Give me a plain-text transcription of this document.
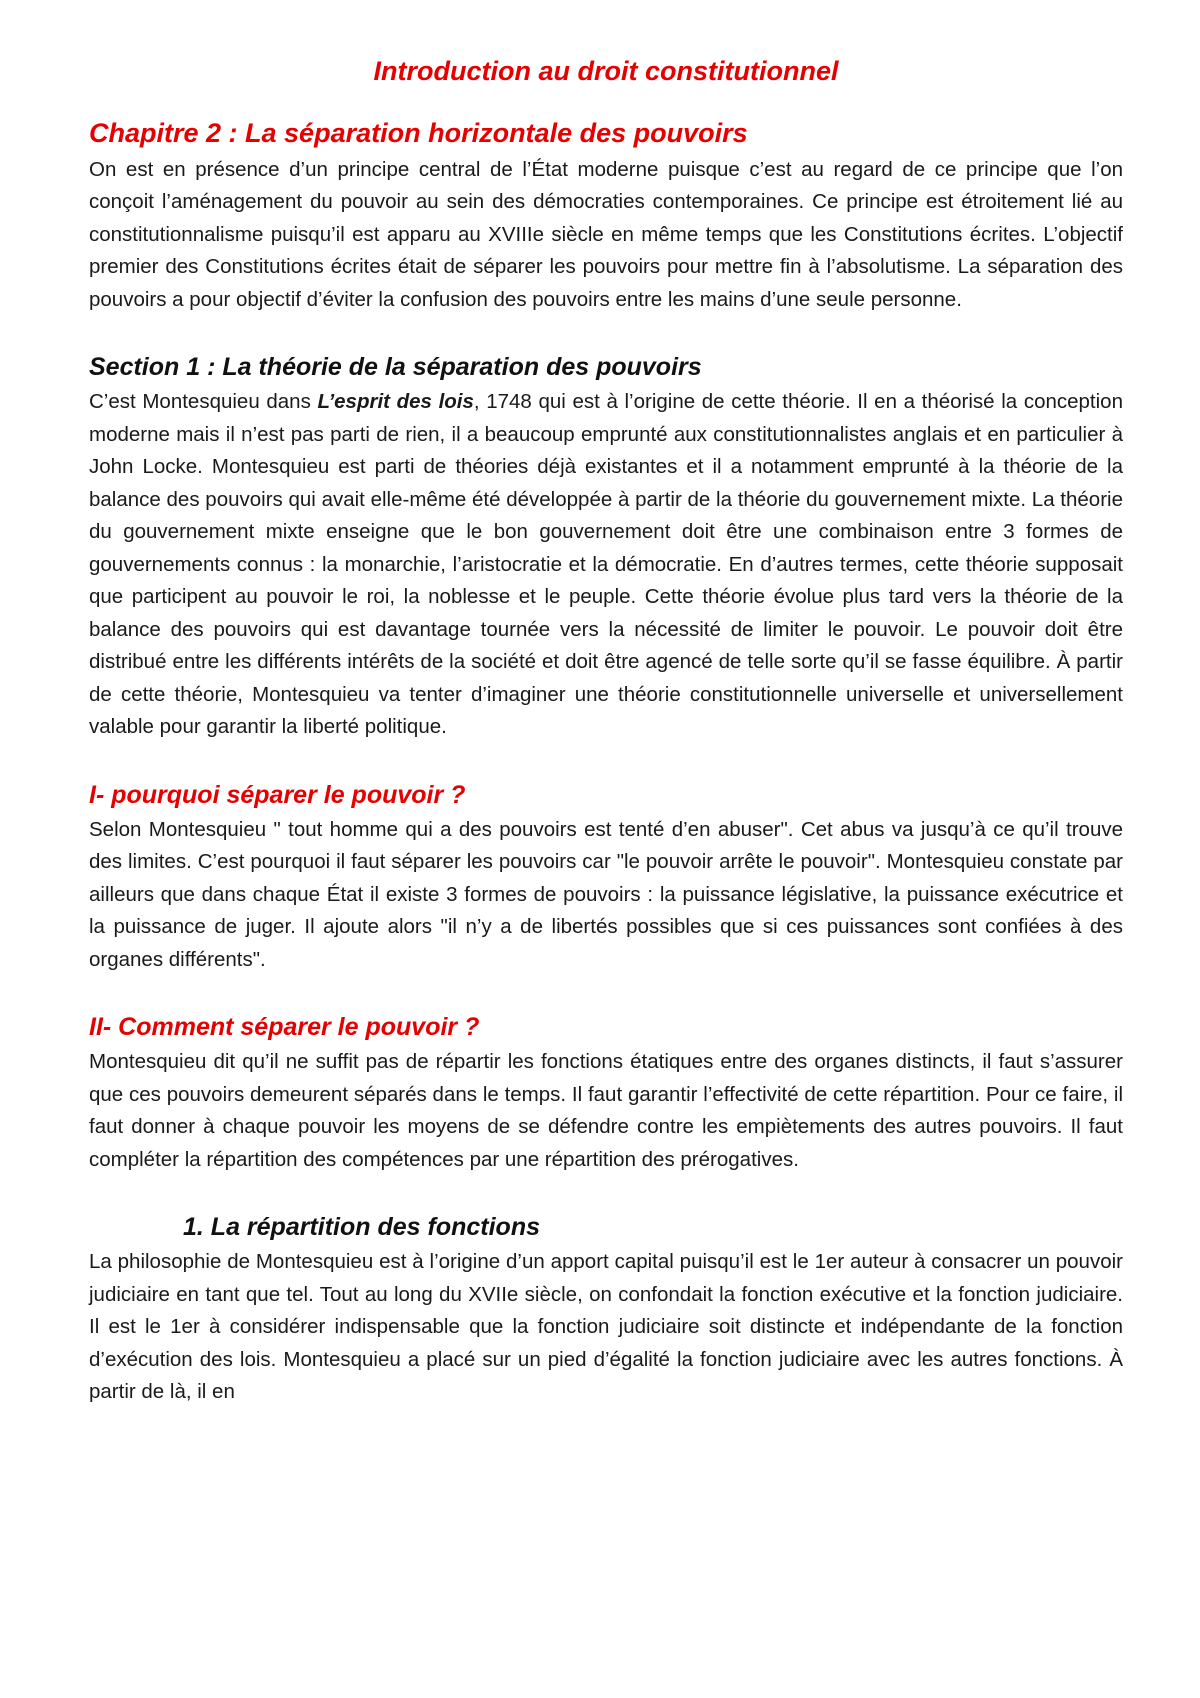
Introduction au droit constitutionnel
Chapitre 2 : La séparation horizontale des pouvoirs

On est en présence d’un principe central de l’État moderne puisque c’est au regard de ce principe que l’on conçoit l’aménagement du pouvoir au sein des démocraties contemporaines. Ce principe est étroitement lié au constitutionnalisme puisqu’il est apparu au XVIIIe siècle en même temps que les Constitutions écrites. L’objectif premier des Constitutions écrites était de séparer les pouvoirs pour mettre fin à l’absolutisme. La séparation des pouvoirs a pour objectif d’éviter la confusion des pouvoirs entre les mains d’une seule personne.

Section 1 : La théorie de la séparation des pouvoirs

C’est Montesquieu dans L’esprit des lois, 1748 qui est à l’origine de cette théorie. Il en a théorisé la conception moderne mais il n’est pas parti de rien, il a beaucoup emprunté aux constitutionnalistes anglais et en particulier à John Locke. Montesquieu est parti de théories déjà existantes et il a notamment emprunté à la théorie de la balance des pouvoirs qui avait elle-même été développée à partir de la théorie du gouvernement mixte. La théorie du gouvernement mixte enseigne que le bon gouvernement doit être une combinaison entre 3 formes de gouvernements connus : la monarchie, l’aristocratie et la démocratie. En d’autres termes, cette théorie supposait que participent au pouvoir le roi, la noblesse et le peuple. Cette théorie évolue plus tard vers la théorie de la balance des pouvoirs qui est davantage tournée vers la nécessité de limiter le pouvoir. Le pouvoir doit être distribué entre les différents intérêts de la société et doit être agencé de telle sorte qu’il se fasse équilibre. À partir de cette théorie, Montesquieu va tenter d’imaginer une théorie constitutionnelle universelle et universellement valable pour garantir la liberté politique.

I- pourquoi séparer le pouvoir ?

Selon Montesquieu " tout homme qui a des pouvoirs est tenté d’en abuser". Cet abus va jusqu’à ce qu’il trouve des limites. C’est pourquoi il faut séparer les pouvoirs car "le pouvoir arrête le pouvoir". Montesquieu constate par ailleurs que dans chaque État il existe 3 formes de pouvoirs : la puissance législative, la puissance exécutrice et la puissance de juger. Il ajoute alors "il n’y a de libertés possibles que si ces puissances sont confiées à des organes différents".

II- Comment séparer le pouvoir ?

Montesquieu dit qu’il ne suffit pas de répartir les fonctions étatiques entre des organes distincts, il faut s’assurer que ces pouvoirs demeurent séparés dans le temps. Il faut garantir l’effectivité de cette répartition. Pour ce faire, il faut donner à chaque pouvoir les moyens de se défendre contre les empiètements des autres pouvoirs. Il faut compléter la répartition des compétences par une répartition des prérogatives.

1. La répartition des fonctions

La philosophie de Montesquieu est à l’origine d’un apport capital puisqu’il est le 1er auteur à consacrer un pouvoir judiciaire en tant que tel. Tout au long du XVIIe siècle, on confondait la fonction exécutive et la fonction judiciaire. Il est le 1er à considérer indispensable que la fonction judiciaire soit distincte et indépendante de la fonction d’exécution des lois. Montesquieu a placé sur un pied d’égalité la fonction judiciaire avec les autres fonctions. À partir de là, il en
